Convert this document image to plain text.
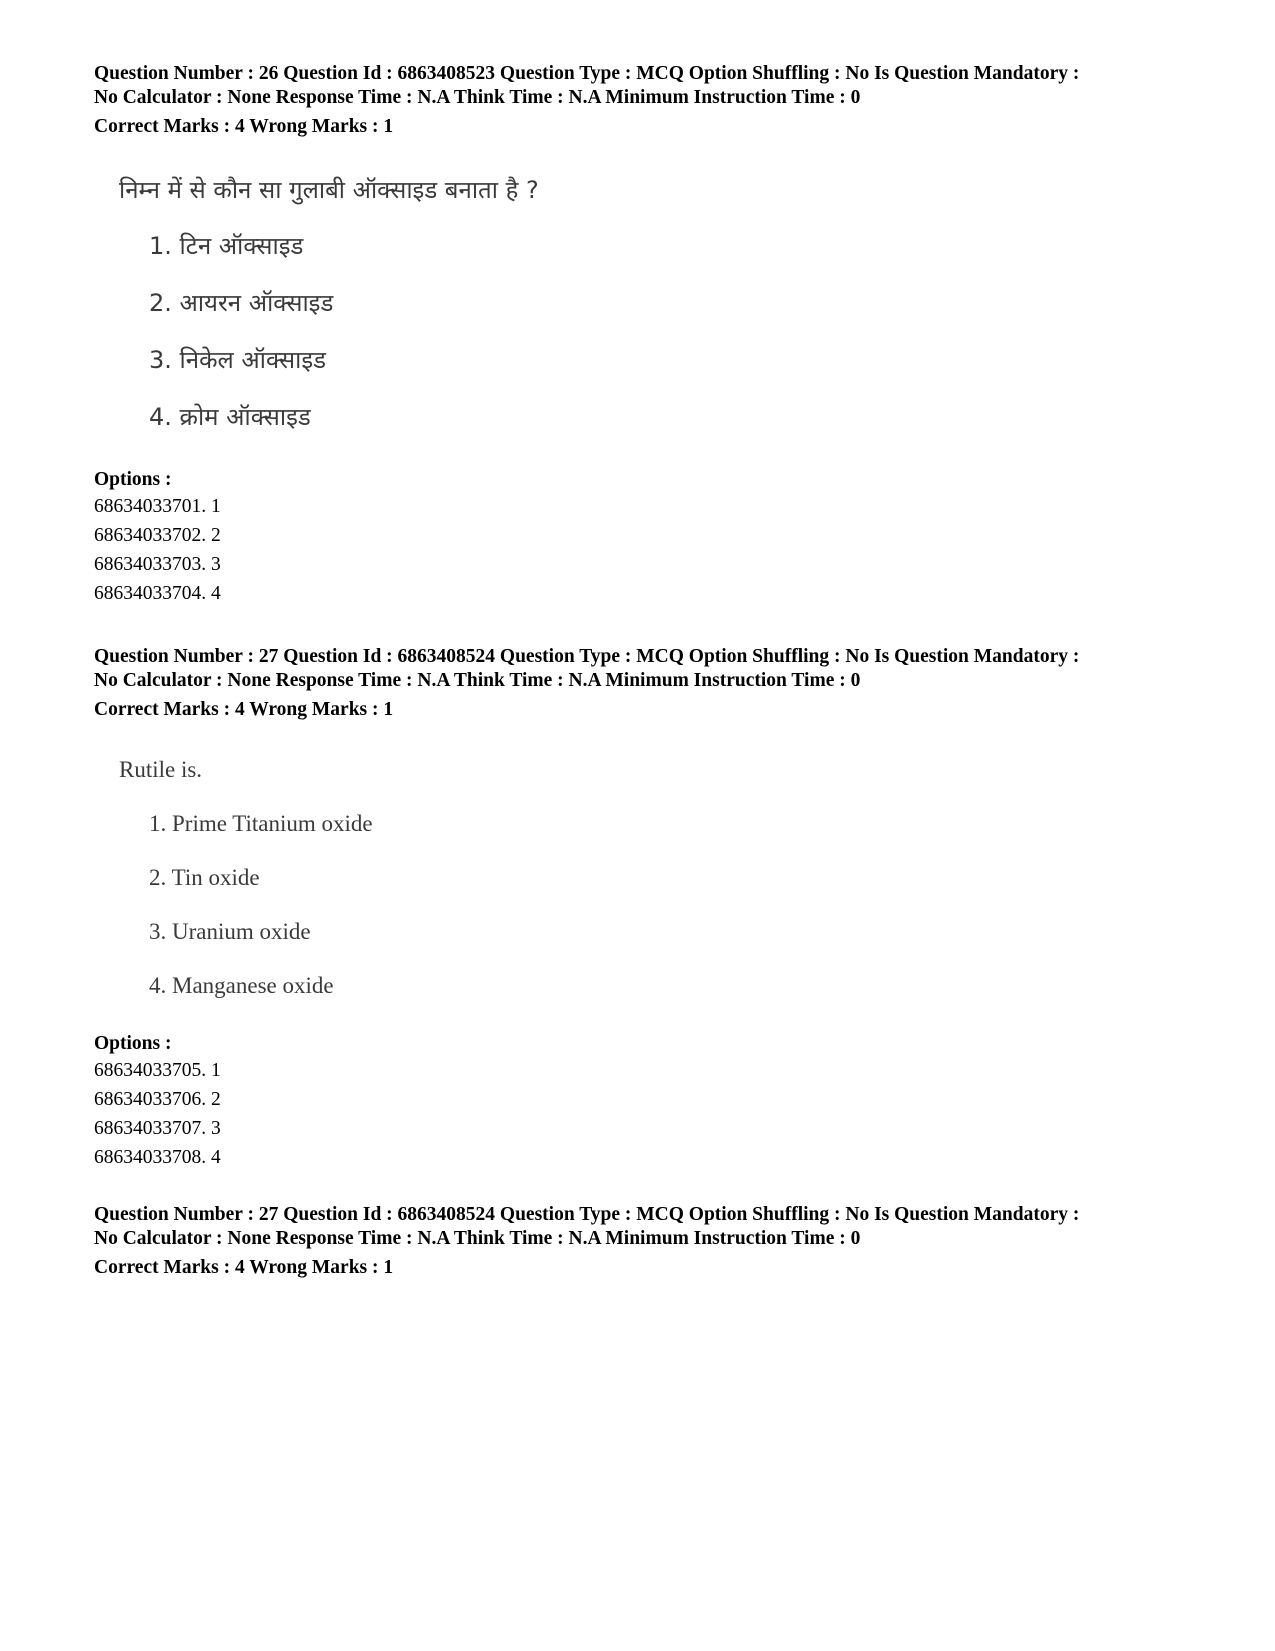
Question Number : 26 Question Id : 6863408523 Question Type : MCQ Option Shuffling : No Is Question Mandatory :
No Calculator : None Response Time : N.A Think Time : N.A Minimum Instruction Time : 0
Correct Marks : 4 Wrong Marks : 1
निम्न में से कौन सा गुलाबी ऑक्साइड बनाता है ?
1. टिन ऑक्साइड
2. आयरन ऑक्साइड
3. निकेल ऑक्साइड
4. क्रोम ऑक्साइड
Options :
68634033701. 1
68634033702. 2
68634033703. 3
68634033704. 4
Question Number : 27 Question Id : 6863408524 Question Type : MCQ Option Shuffling : No Is Question Mandatory :
No Calculator : None Response Time : N.A Think Time : N.A Minimum Instruction Time : 0
Correct Marks : 4 Wrong Marks : 1
Rutile is.
1. Prime Titanium oxide
2. Tin oxide
3. Uranium oxide
4. Manganese oxide
Options :
68634033705. 1
68634033706. 2
68634033707. 3
68634033708. 4
Question Number : 27 Question Id : 6863408524 Question Type : MCQ Option Shuffling : No Is Question Mandatory :
No Calculator : None Response Time : N.A Think Time : N.A Minimum Instruction Time : 0
Correct Marks : 4 Wrong Marks : 1
